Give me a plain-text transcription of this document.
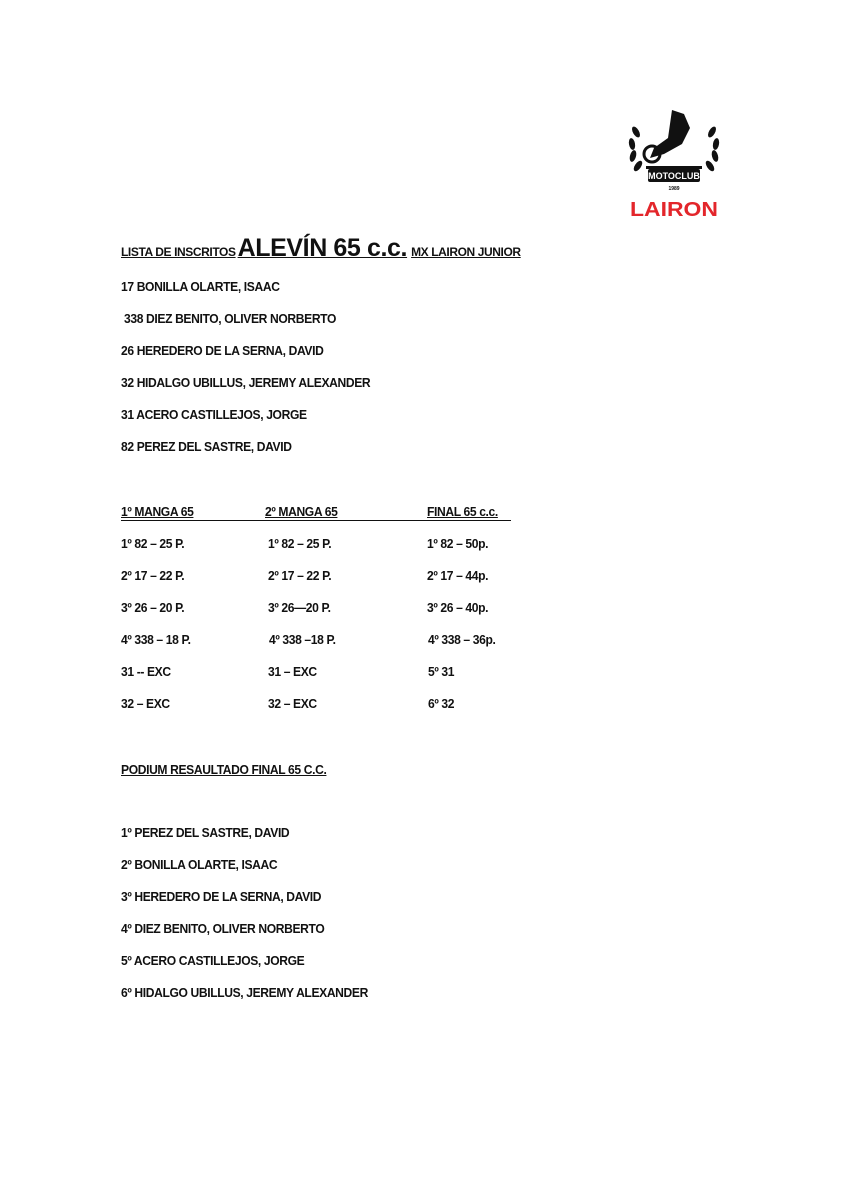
MOTOCLUB
1989
LAIRON
LISTA DE INSCRITOSALEVÍN 65 c.c. MX LAIRON JUNIOR
17 BONILLA OLARTE, ISAAC
338 DIEZ BENITO, OLIVER NORBERTO
26 HEREDERO DE LA SERNA, DAVID
32 HIDALGO UBILLUS, JEREMY ALEXANDER
31 ACERO CASTILLEJOS, JORGE
82 PEREZ DEL SASTRE, DAVID
1º MANGA 65	2º MANGA 65	FINAL 65 c.c.
1º 82 – 25 P.	1º 82 – 25 P.	1º 82 – 50p.
2º 17 – 22 P.	2º 17 – 22 P.	2º 17 – 44p.
3º 26 – 20 P.	3º 26—20 P.	3º 26 – 40p.
4º 338 – 18 P.	4º 338 –18 P.	4º 338 – 36p.
31 -- EXC	31 – EXC	5º 31
32 – EXC	32 – EXC	6º 32
PODIUM RESAULTADO FINAL 65 C.C.
1º PEREZ DEL SASTRE, DAVID
2º BONILLA OLARTE, ISAAC
3º HEREDERO DE LA SERNA, DAVID
4º DIEZ BENITO, OLIVER NORBERTO
5º ACERO CASTILLEJOS, JORGE
6º HIDALGO UBILLUS, JEREMY ALEXANDER
